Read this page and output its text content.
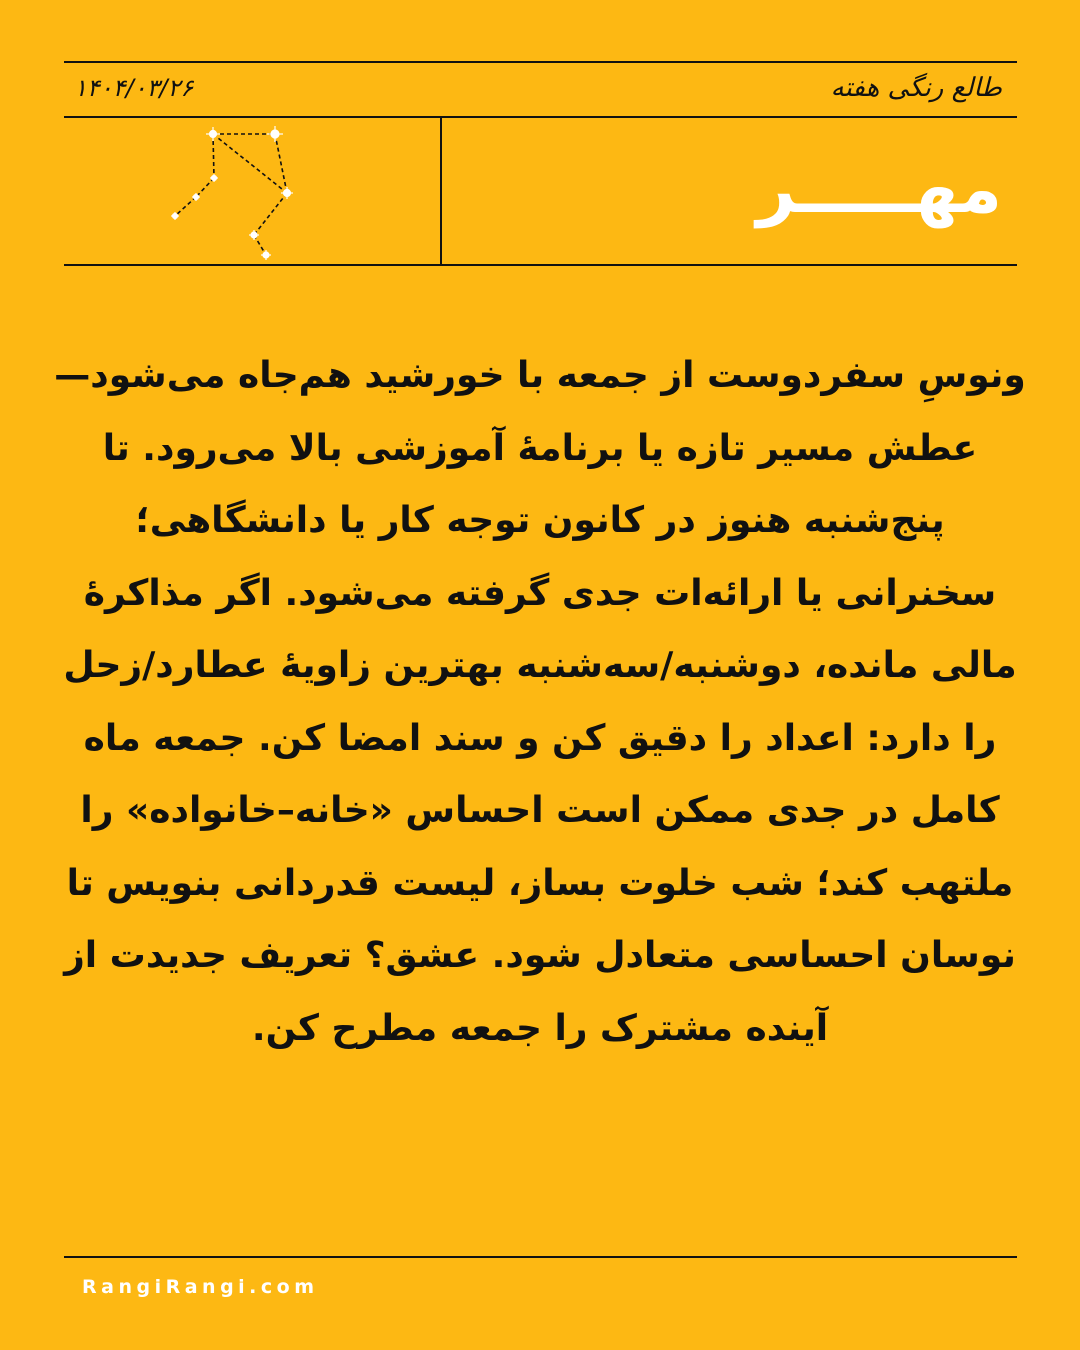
طالع رنگی هفته
۱۴۰۴/۰۳/۲۶
مهـــــر
ونوسِ سفردوست از جمعه با خورشید هم‌جاه می‌شود—عطش مسیر تازه یا برنامهٔ آموزشی بالا می‌رود. تا پنج‌شنبه هنوز در کانون توجه کار یا دانشگاهی؛ سخنرانی یا ارائه‌ات جدی گرفته می‌شود. اگر مذاکرهٔ مالی مانده، دوشنبه/سه‌شنبه بهترین زاویهٔ عطارد/زحل را دارد: اعداد را دقیق کن و سند امضا کن. جمعه ماه کامل در جدی ممکن است احساس «خانه–خانواده» را ملتهب کند؛ شب خلوت بساز، لیست قدردانی بنویس تا نوسان احساسی متعادل شود. عشق؟ تعریف جدیدت از آینده مشترک را جمعه مطرح کن.
RangiRangi.com
